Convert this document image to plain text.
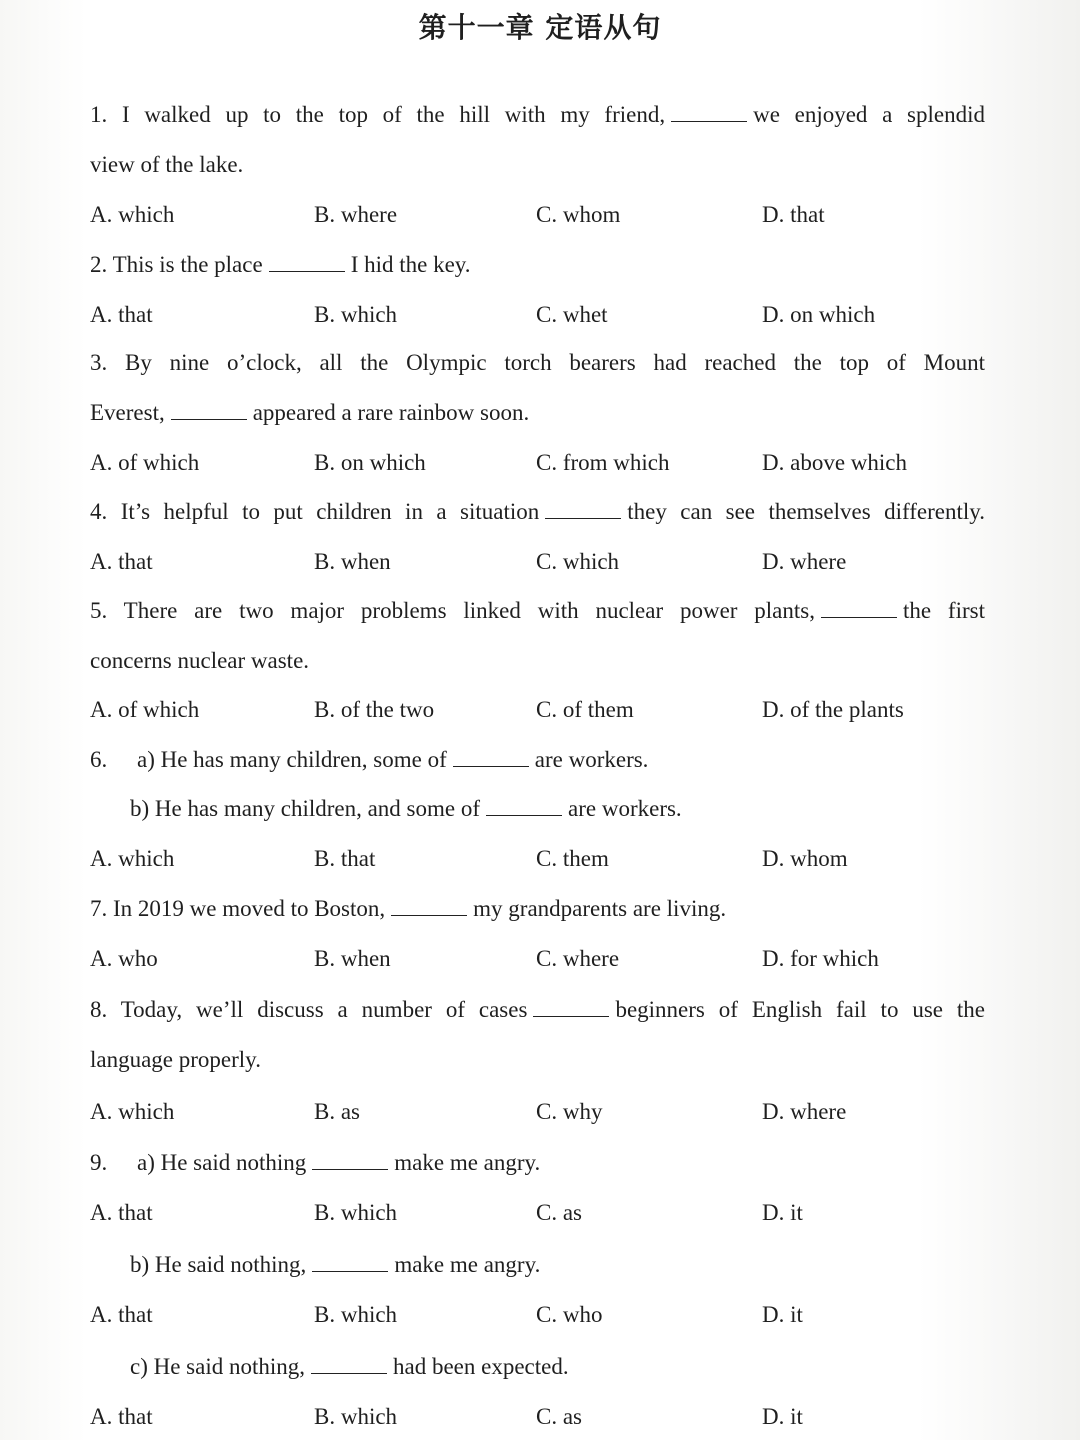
第十一章 定语从句
1. I walked up to the top of the hill with my friend,	we enjoyed a splendid
view of the lake.
A. which	B. where	C. whom	D. that
2. This is the place	I hid the key.
A. that	B. which	C. whet	D. on which
3. By nine o’clock, all the Olympic torch bearers had reached the top of Mount
Everest,	appeared a rare rainbow soon.
A. of which	B. on which	C. from which	D. above which
4. It’s helpful to put children in a situation	they can see themselves differently.
A. that	B. when	C. which	D. where
5. There are two major problems linked with nuclear power plants,	the first
concerns nuclear waste.
A. of which	B. of the two	C. of them	D. of the plants
6.	a) He has many children, some of	are workers.
b) He has many children, and some of	are workers.
A. which	B. that	C. them	D. whom
7. In 2019 we moved to Boston,	my grandparents are living.
A. who	B. when	C. where	D. for which
8. Today, we’ll discuss a number of cases	beginners of English fail to use the
language properly.
A. which	B. as	C. why	D. where
9.	a) He said nothing	make me angry.
A. that	B. which	C. as	D. it
b) He said nothing,	make me angry.
A. that	B. which	C. who	D. it
c) He said nothing,	had been expected.
A. that	B. which	C. as	D. it
